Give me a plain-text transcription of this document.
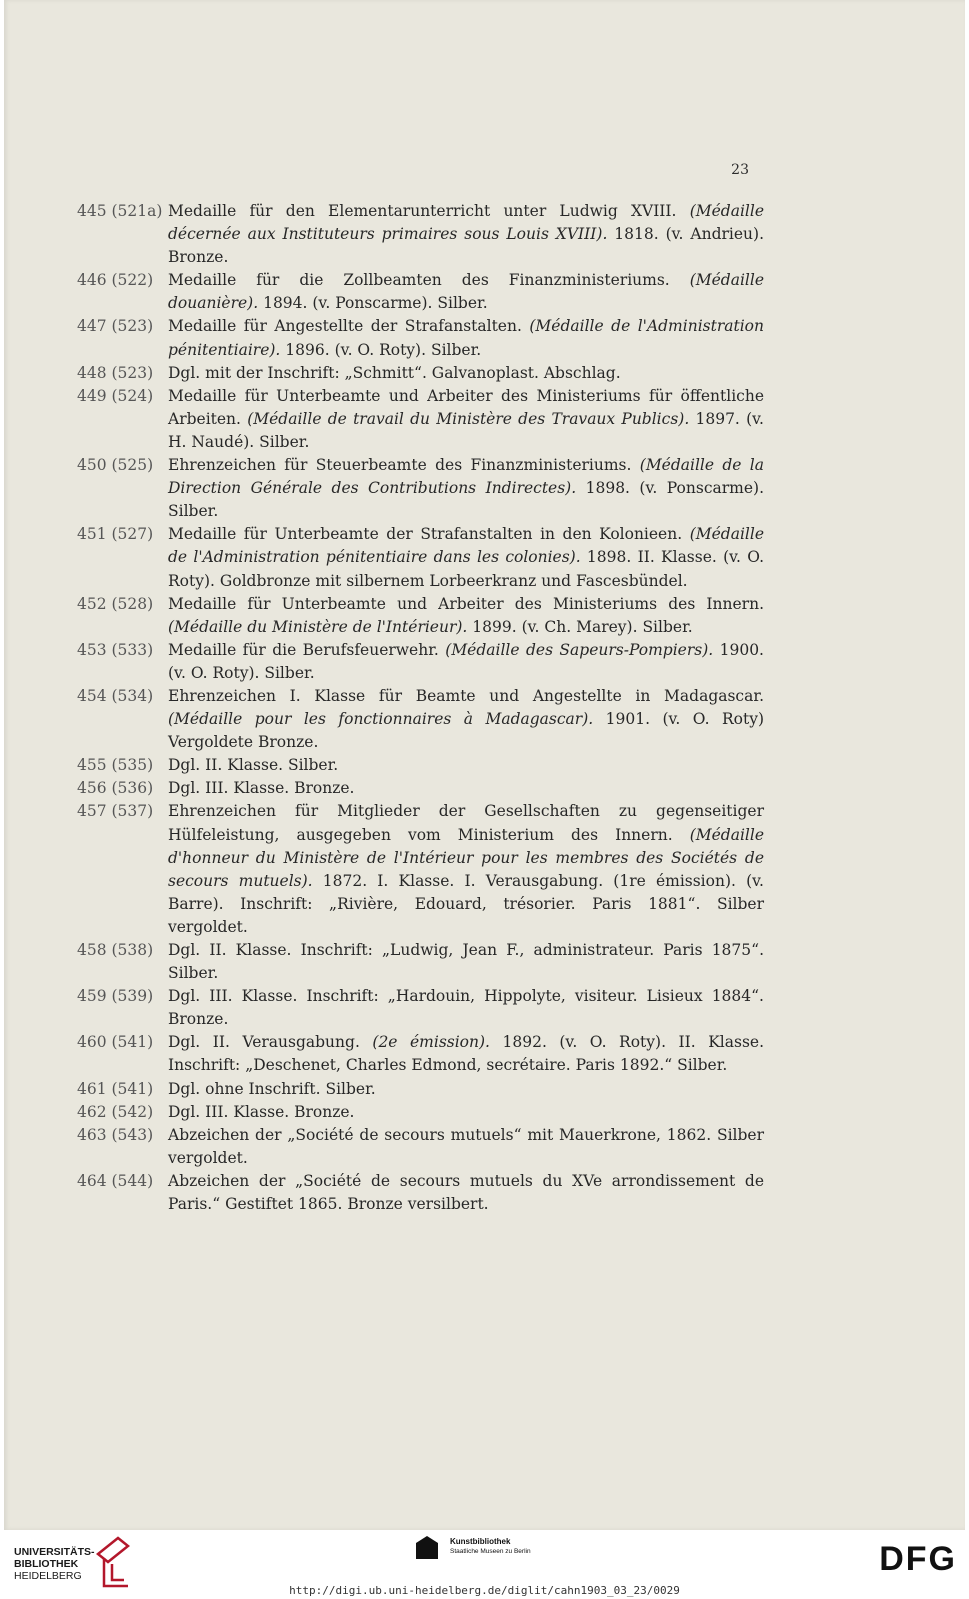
23
445 (521a) Medaille für den Elementarunterricht unter Ludwig XVIII. (Médaille décernée aux Instituteurs primaires sous Louis XVIII). 1818. (v. Andrieu). Bronze.
446 (522) Medaille für die Zollbeamten des Finanzministeriums. (Médaille douanière). 1894. (v. Ponscarme). Silber.
447 (523) Medaille für Angestellte der Strafanstalten. (Médaille de l'Administration pénitentiaire). 1896. (v. O. Roty). Silber.
448 (523) Dgl. mit der Inschrift: „Schmitt“. Galvanoplast. Abschlag.
449 (524) Medaille für Unterbeamte und Arbeiter des Ministeriums für öffentliche Arbeiten. (Médaille de travail du Ministère des Travaux Publics). 1897. (v. H. Naudé). Silber.
450 (525) Ehrenzeichen für Steuerbeamte des Finanzministeriums. (Médaille de la Direction Générale des Contributions Indirectes). 1898. (v. Ponscarme). Silber.
451 (527) Medaille für Unterbeamte der Strafanstalten in den Kolonieen. (Médaille de l'Administration pénitentiaire dans les colonies). 1898. II. Klasse. (v. O. Roty). Goldbronze mit silbernem Lorbeerkranz und Fascesbündel.
452 (528) Medaille für Unterbeamte und Arbeiter des Ministeriums des Innern. (Médaille du Ministère de l'Intérieur). 1899. (v. Ch. Marey). Silber.
453 (533) Medaille für die Berufsfeuerwehr. (Médaille des Sapeurs-Pompiers). 1900. (v. O. Roty). Silber.
454 (534) Ehrenzeichen I. Klasse für Beamte und Angestellte in Madagascar. (Médaille pour les fonctionnaires à Madagascar). 1901. (v. O. Roty) Vergoldete Bronze.
455 (535) Dgl. II. Klasse. Silber.
456 (536) Dgl. III. Klasse. Bronze.
457 (537) Ehrenzeichen für Mitglieder der Gesellschaften zu gegenseitiger Hülfeleistung, ausgegeben vom Ministerium des Innern. (Médaille d'honneur du Ministère de l'Intérieur pour les membres des Sociétés de secours mutuels). 1872. I. Klasse. I. Verausgabung. (1re émission). (v. Barre). Inschrift: „Rivière, Edouard, trésorier. Paris 1881“. Silber vergoldet.
458 (538) Dgl. II. Klasse. Inschrift: „Ludwig, Jean F., administrateur. Paris 1875“. Silber.
459 (539) Dgl. III. Klasse. Inschrift: „Hardouin, Hippolyte, visiteur. Lisieux 1884“. Bronze.
460 (541) Dgl. II. Verausgabung. (2e émission). 1892. (v. O. Roty). II. Klasse. Inschrift: „Deschenet, Charles Edmond, secrétaire. Paris 1892.“ Silber.
461 (541) Dgl. ohne Inschrift. Silber.
462 (542) Dgl. III. Klasse. Bronze.
463 (543) Abzeichen der „Société de secours mutuels“ mit Mauerkrone, 1862. Silber vergoldet.
464 (544) Abzeichen der „Société de secours mutuels du XVe arrondissement de Paris.“ Gestiftet 1865. Bronze versilbert.
UNIVERSITÄTS-
BIBLIOTHEK
HEIDELBERG
Kunstbibliothek
Staatliche Museen zu Berlin	DFG
http://digi.ub.uni-heidelberg.de/diglit/cahn1903_03_23/0029
